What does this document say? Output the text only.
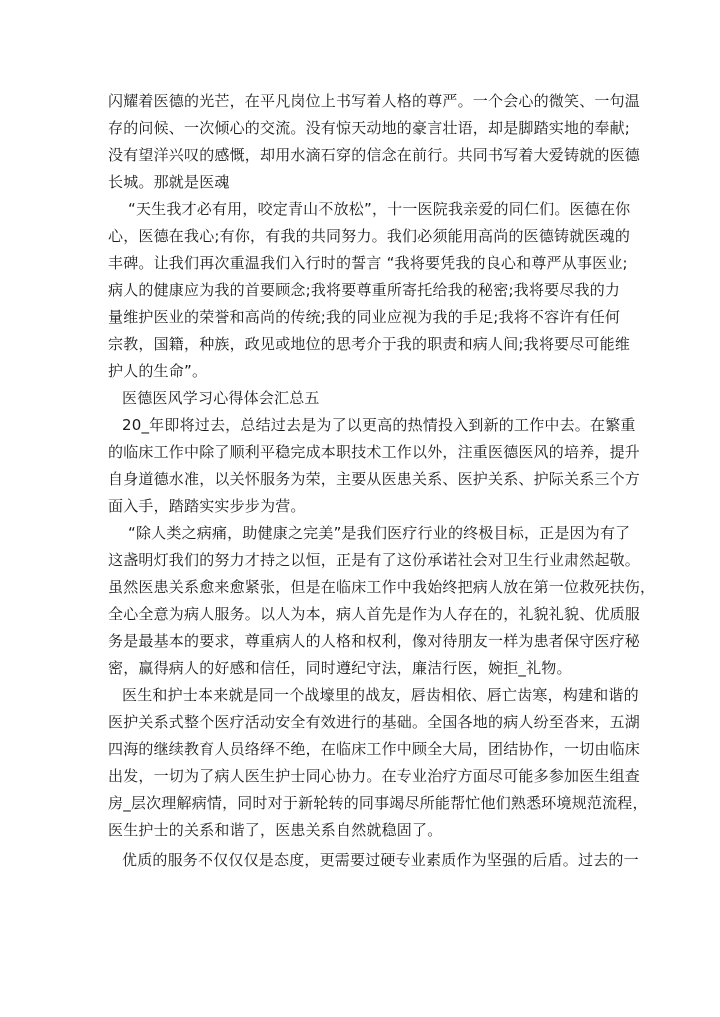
闪耀着医德的光芒，在平凡岗位上书写着人格的尊严。一个会心的微笑、一句温
存的问候、一次倾心的交流。没有惊天动地的豪言壮语，却是脚踏实地的奉献;
没有望洋兴叹的感慨，却用水滴石穿的信念在前行。共同书写着大爱铸就的医德
长城。那就是医魂
“天生我才必有用，咬定青山不放松”，十一医院我亲爱的同仁们。医德在你
心，医德在我心;有你，有我的共同努力。我们必须能用高尚的医德铸就医魂的
丰碑。让我们再次重温我们入行时的誓言 “我将要凭我的良心和尊严从事医业;
病人的健康应为我的首要顾念;我将要尊重所寄托给我的秘密;我将要尽我的力
量维护医业的荣誉和高尚的传统;我的同业应视为我的手足;我将不容许有任何
宗教，国籍，种族，政见或地位的思考介于我的职责和病人间;我将要尽可能维
护人的生命”。
医德医风学习心得体会汇总五
20_年即将过去，总结过去是为了以更高的热情投入到新的工作中去。在繁重
的临床工作中除了顺利平稳完成本职技术工作以外，注重医德医风的培养，提升
自身道德水准，以关怀服务为荣，主要从医患关系、医护关系、护际关系三个方
面入手，踏踏实实步步为营。
“除人类之病痛，助健康之完美”是我们医疗行业的终极目标，正是因为有了
这盏明灯我们的努力才持之以恒，正是有了这份承诺社会对卫生行业肃然起敬。
虽然医患关系愈来愈紧张，但是在临床工作中我始终把病人放在第一位救死扶伤，
全心全意为病人服务。以人为本，病人首先是作为人存在的，礼貌礼貌、优质服
务是最基本的要求，尊重病人的人格和权利，像对待朋友一样为患者保守医疗秘
密，赢得病人的好感和信任，同时遵纪守法，廉洁行医，婉拒_礼物。
医生和护士本来就是同一个战壕里的战友，唇齿相依、唇亡齿寒，构建和谐的
医护关系式整个医疗活动安全有效进行的基础。全国各地的病人纷至沓来，五湖
四海的继续教育人员络绎不绝，在临床工作中顾全大局，团结协作，一切由临床
出发，一切为了病人医生护士同心协力。在专业治疗方面尽可能多参加医生组查
房_层次理解病情，同时对于新轮转的同事竭尽所能帮忙他们熟悉环境规范流程，
医生护士的关系和谐了，医患关系自然就稳固了。
优质的服务不仅仅仅是态度，更需要过硬专业素质作为坚强的后盾。过去的一
